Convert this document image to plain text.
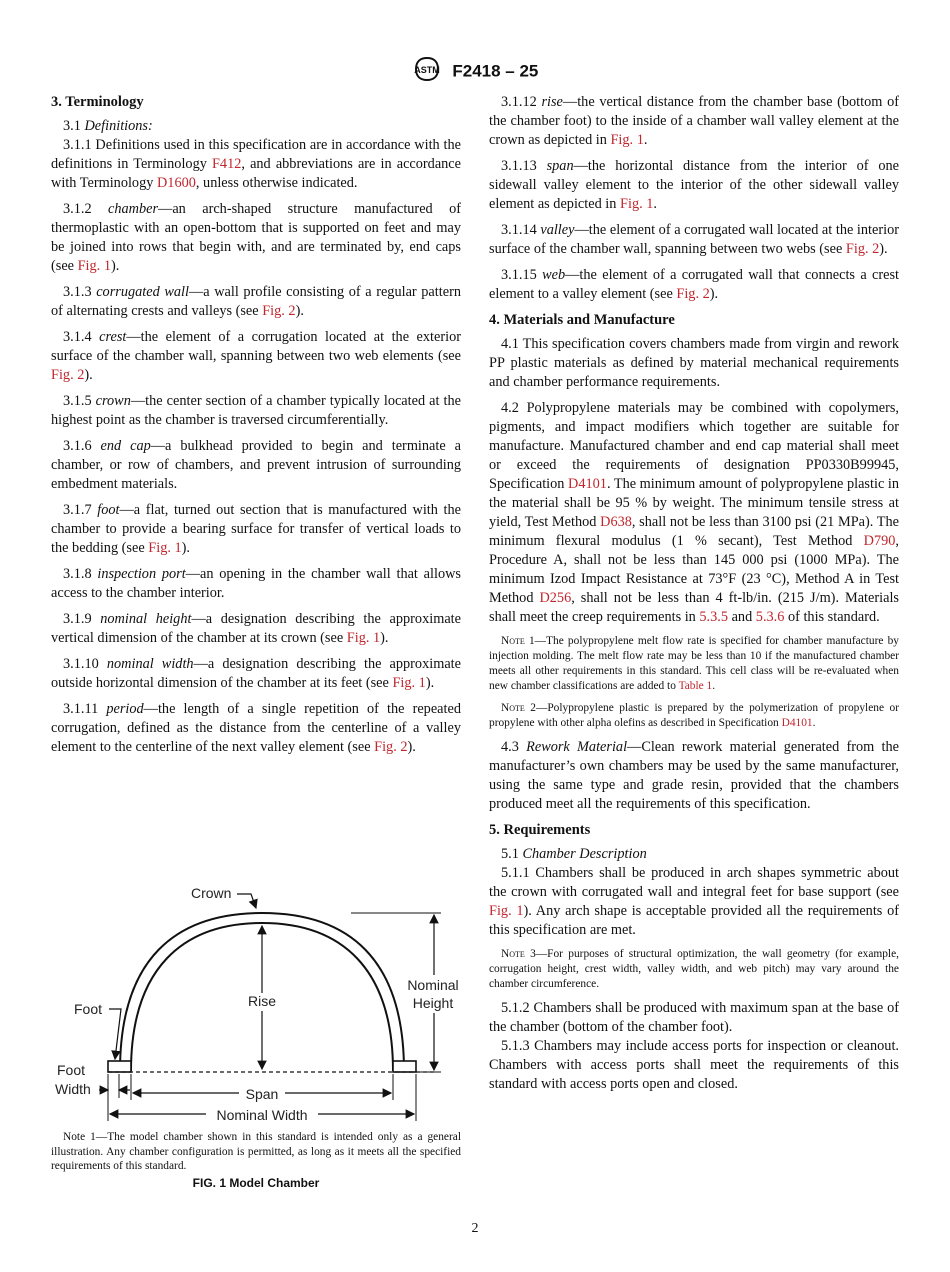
ASTM F2418 – 25
3. Terminology

3.1 Definitions:

3.1.1 Definitions used in this specification are in accordance with the definitions in Terminology F412, and abbreviations are in accordance with Terminology D1600, unless otherwise indicated.

3.1.2 chamber—an arch-shaped structure manufactured of thermoplastic with an open-bottom that is supported on feet and may be joined into rows that begin with, and are terminated by, end caps (see Fig. 1).

3.1.3 corrugated wall—a wall profile consisting of a regular pattern of alternating crests and valleys (see Fig. 2).

3.1.4 crest—the element of a corrugation located at the exterior surface of the chamber wall, spanning between two web elements (see Fig. 2).

3.1.5 crown—the center section of a chamber typically located at the highest point as the chamber is traversed circumferentially.

3.1.6 end cap—a bulkhead provided to begin and terminate a chamber, or row of chambers, and prevent intrusion of surrounding embedment materials.

3.1.7 foot—a flat, turned out section that is manufactured with the chamber to provide a bearing surface for transfer of vertical loads to the bedding (see Fig. 1).

3.1.8 inspection port—an opening in the chamber wall that allows access to the chamber interior.

3.1.9 nominal height—a designation describing the approximate vertical dimension of the chamber at its crown (see Fig. 1).

3.1.10 nominal width—a designation describing the approximate outside horizontal dimension of the chamber at its feet (see Fig. 1).

3.1.11 period—the length of a single repetition of the repeated corrugation, defined as the distance from the centerline of a valley element to the centerline of the next valley element (see Fig. 2).

Crown
Rise
Nominal
Height
Foot
Foot
Width	Span
Nominal Width

Note 1—The model chamber shown in this standard is intended only as a general illustration. Any chamber configuration is permitted, as long as it meets all the specified requirements of this standard.

FIG. 1 Model Chamber

3.1.12 rise—the vertical distance from the chamber base (bottom of the chamber foot) to the inside of a chamber wall valley element at the crown as depicted in Fig. 1.

3.1.13 span—the horizontal distance from the interior of one sidewall valley element to the interior of the other sidewall valley element as depicted in Fig. 1.

3.1.14 valley—the element of a corrugated wall located at the interior surface of the chamber wall, spanning between two webs (see Fig. 2).

3.1.15 web—the element of a corrugated wall that connects a crest element to a valley element (see Fig. 2).

4. Materials and Manufacture

4.1 This specification covers chambers made from virgin and rework PP plastic materials as defined by material mechanical requirements and chamber performance requirements.

4.2 Polypropylene materials may be combined with copolymers, pigments, and impact modifiers which together are suitable for manufacture. Manufactured chamber and end cap material shall meet or exceed the requirements of designation PP0330B99945, Specification D4101. The minimum amount of polypropylene plastic in the material shall be 95 % by weight. The minimum tensile stress at yield, Test Method D638, shall not be less than 3100 psi (21 MPa). The minimum flexural modulus (1 % secant), Test Method D790, Procedure A, shall not be less than 145 000 psi (1000 MPa). The minimum Izod Impact Resistance at 73°F (23 °C), Method A in Test Method D256, shall not be less than 4 ft-lb/in. (215 J/m). Materials shall meet the creep requirements in 5.3.5 and 5.3.6 of this standard.

Note 1—The polypropylene melt flow rate is specified for chamber manufacture by injection molding. The melt flow rate may be less than 10 if the manufactured chamber meets all other requirements in this standard. This cell class will be re-evaluated when new chamber classifications are added to Table 1.

Note 2—Polypropylene plastic is prepared by the polymerization of propylene or propylene with other alpha olefins as described in Specification D4101.

4.3 Rework Material—Clean rework material generated from the manufacturer’s own chambers may be used by the same manufacturer, using the same type and grade resin, provided that the chambers produced meet all the requirements of this specification.

5. Requirements

5.1 Chamber Description

5.1.1 Chambers shall be produced in arch shapes symmetric about the crown with corrugated wall and integral feet for base support (see Fig. 1). Any arch shape is acceptable provided all the requirements of this specification are met.

Note 3—For purposes of structural optimization, the wall geometry (for example, corrugation height, crest width, valley width, and web pitch) may vary around the chamber circumference.

5.1.2 Chambers shall be produced with maximum span at the base of the chamber (bottom of the chamber foot).

5.1.3 Chambers may include access ports for inspection or cleanout. Chambers with access ports shall meet the requirements of this standard with access ports open and closed.

2
